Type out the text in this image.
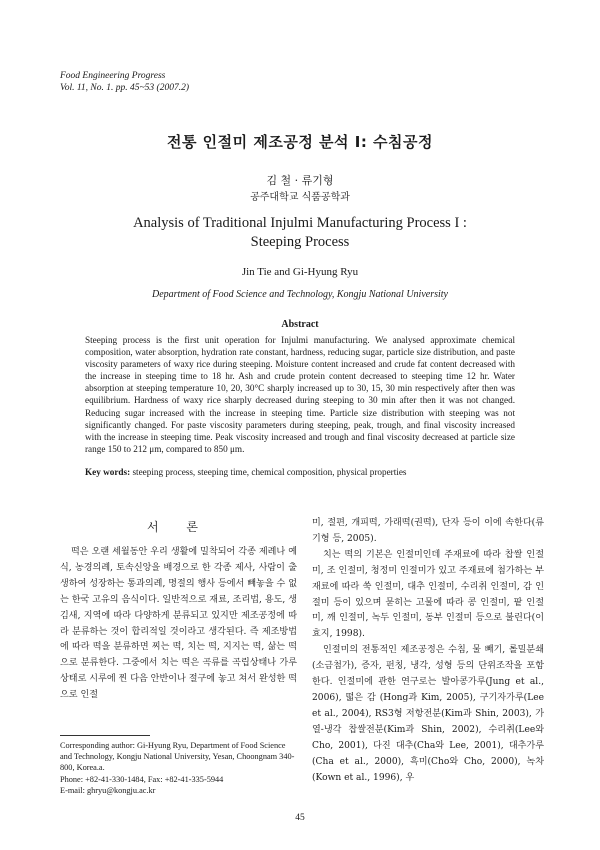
Food Engineering Progress
Vol. 11, No. 1. pp. 45~53 (2007.2)
전통 인절미 제조공정 분석 I: 수침공정
김 철 · 류기형
공주대학교 식품공학과
Analysis of Traditional Injulmi Manufacturing Process I :
Steeping Process
Jin Tie and Gi-Hyung Ryu
Department of Food Science and Technology, Kongju National University
Abstract
Steeping process is the first unit operation for Injulmi manufacturing. We analysed approximate chemical composition, water absorption, hydration rate constant, hardness, reducing sugar, particle size distribution, and paste viscosity parameters of waxy rice during steeping. Moisture content increased and crude fat content decreased with the increase in steeping time to 18 hr. Ash and crude protein content decreased to steeping time 12 hr. Water absorption at steeping temperature 10, 20, 30°C sharply increased up to 30, 15, 30 min respectively after then was equilibrium. Hardness of waxy rice sharply decreased during steeping to 30 min after then it was not changed. Reducing sugar increased with the increase in steeping time. Particle size distribution with steeping was not significantly changed. For paste viscosity parameters during steeping, peak, trough, and final viscosity increased with the increase in steeping time. Peak viscosity increased and trough and final viscosity decreased at particle size range 150 to 212 μm, compared to 850 μm.
Key words: steeping process, steeping time, chemical composition, physical properties
서 론

떡은 오랜 세월동안 우리 생활에 밀착되어 각종 제례나 예식, 농경의례, 토속신앙을 배경으로 한 각종 제사, 사람이 출생하여 성장하는 통과의례, 명절의 행사 등에서 빼놓을 수 없는 한국 고유의 음식이다. 일반적으로 재료, 조리법, 용도, 생김새, 지역에 따라 다양하게 분류되고 있지만 제조공정에 따라 분류하는 것이 합리적일 것이라고 생각된다. 즉 제조방법에 따라 떡을 분류하면 찌는 떡, 치는 떡, 지지는 떡, 삶는 떡으로 분류한다. 그중에서 치는 떡은 곡류를 곡립상태나 가루상태로 시루에 찐 다음 안반이나 절구에 놓고 쳐서 완성한 떡으로 인절

미, 절편, 개피떡, 가래떡(권떡), 단자 등이 이에 속한다(류기형 등, 2005).

치는 떡의 기본은 인절미인데 주재료에 따라 찹쌀 인절미, 조 인절미, 청정미 인절미가 있고 주재료에 첨가하는 부재료에 따라 쑥 인절미, 대추 인절미, 수리취 인절미, 감 인절미 등이 있으며 묻히는 고물에 따라 콩 인절미, 팥 인절미, 깨 인절미, 녹두 인절미, 동부 인절미 등으로 불린다(이효지, 1998).

인절미의 전통적인 제조공정은 수침, 물 빼기, 롤밀분쇄(소금첨가), 증자, 펀칭, 냉각, 성형 등의 단위조작을 포함한다. 인절미에 관한 연구로는 발아콩가루(Jung et al., 2006), 떫은 감 (Hong과 Kim, 2005), 구기자가루(Lee et al., 2004), RS3형 저항전분(Kim과 Shin, 2003), 가열-냉각 찹쌀전분(Kim과 Shin, 2002), 수리취(Lee와 Cho, 2001), 다진 대추(Cha와 Lee, 2001), 대추가루(Cha et al., 2000), 흑미(Cho와 Cho, 2000), 녹차(Kown et al., 1996), 우

Corresponding author: Gi-Hyung Ryu, Department of Food Science and Technology, Kongju National University, Yesan, Choongnam 340-800, Korea.a.
Phone: +82-41-330-1484, Fax: +82-41-335-5944
E-mail: ghryu@kongju.ac.kr
45
